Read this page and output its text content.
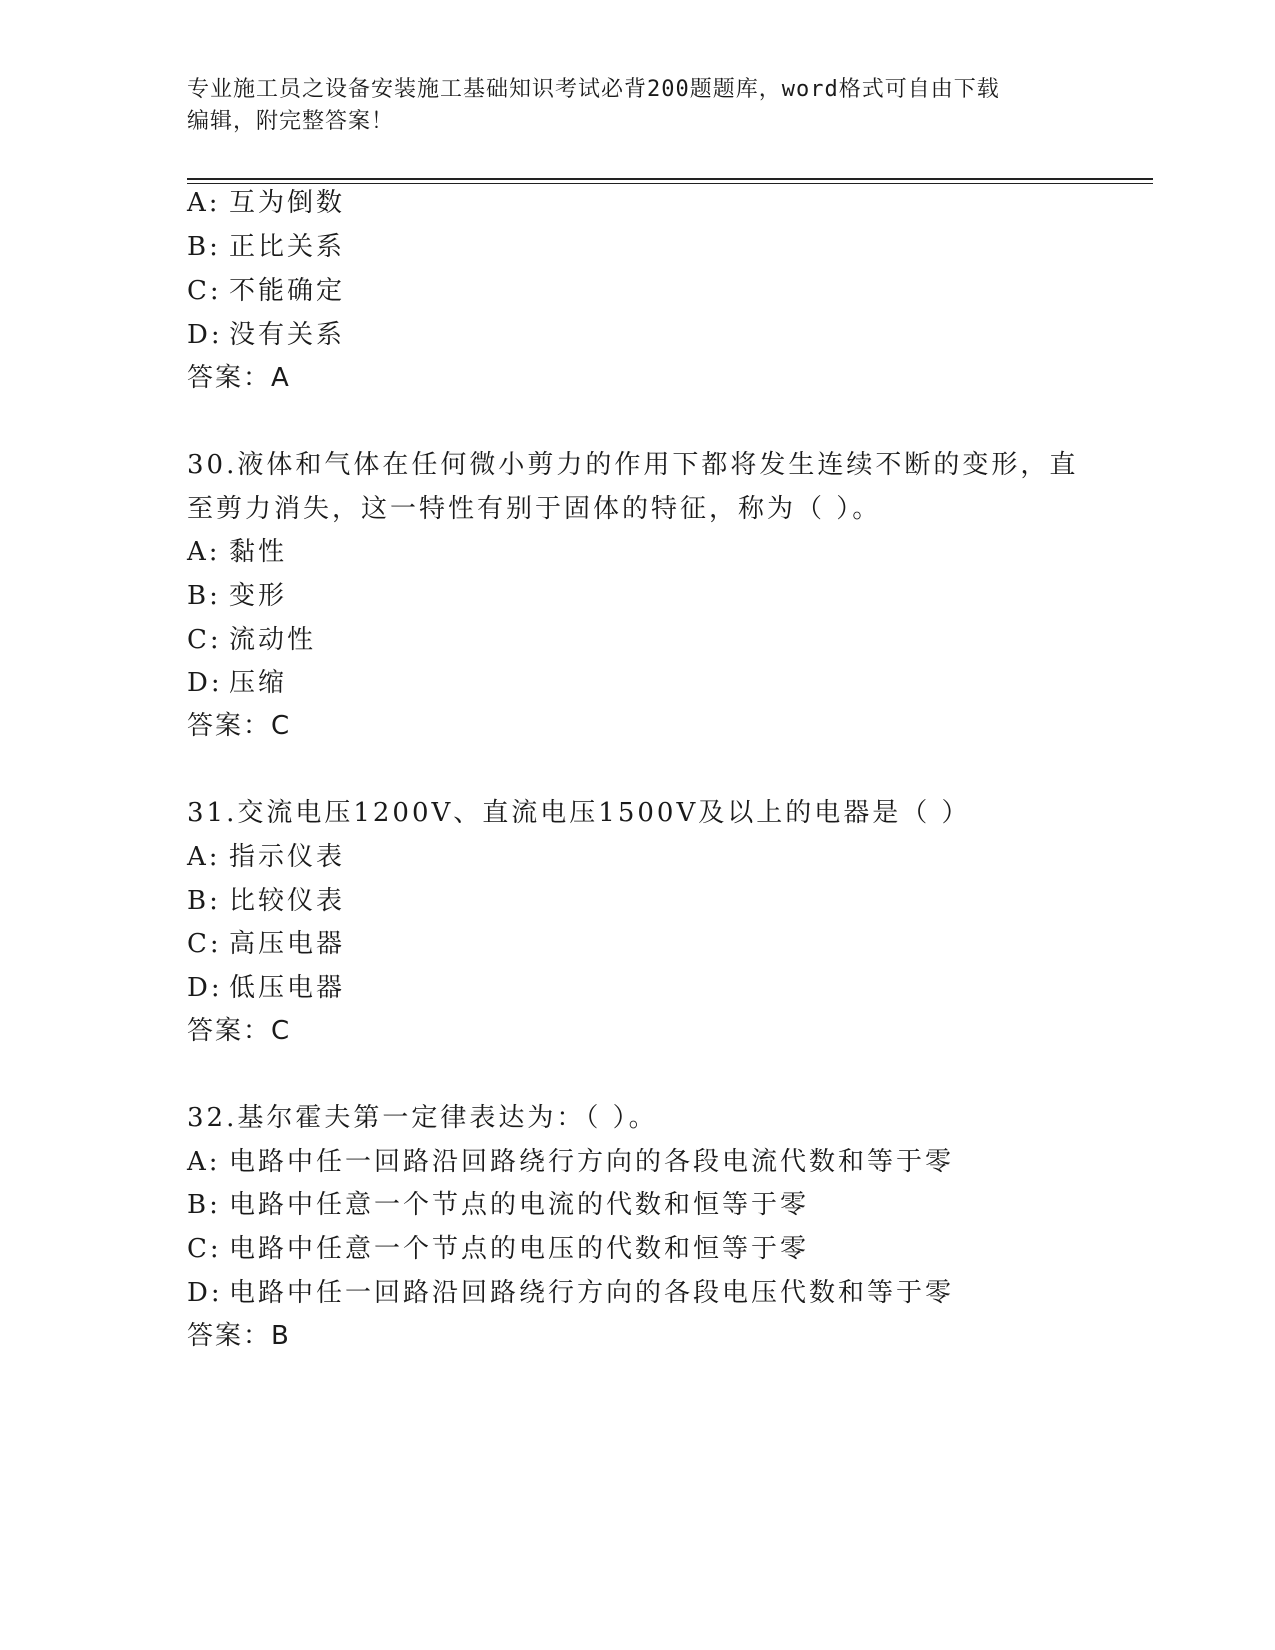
专业施工员之设备安装施工基础知识考试必背200题题库，word格式可自由下载
编辑，附完整答案！
A: 互为倒数
B: 正比关系
C: 不能确定
D: 没有关系
答案：A
30.液体和气体在任何微小剪力的作用下都将发生连续不断的变形，直
至剪力消失，这一特性有别于固体的特征，称为（ ）。
A: 黏性
B: 变形
C: 流动性
D: 压缩
答案：C
31.交流电压1200V、直流电压1500V及以上的电器是（ ）
A: 指示仪表
B: 比较仪表
C: 高压电器
D: 低压电器
答案：C
32.基尔霍夫第一定律表达为：（ ）。
A: 电路中任一回路沿回路绕行方向的各段电流代数和等于零
B: 电路中任意一个节点的电流的代数和恒等于零
C: 电路中任意一个节点的电压的代数和恒等于零
D: 电路中任一回路沿回路绕行方向的各段电压代数和等于零
答案：B
